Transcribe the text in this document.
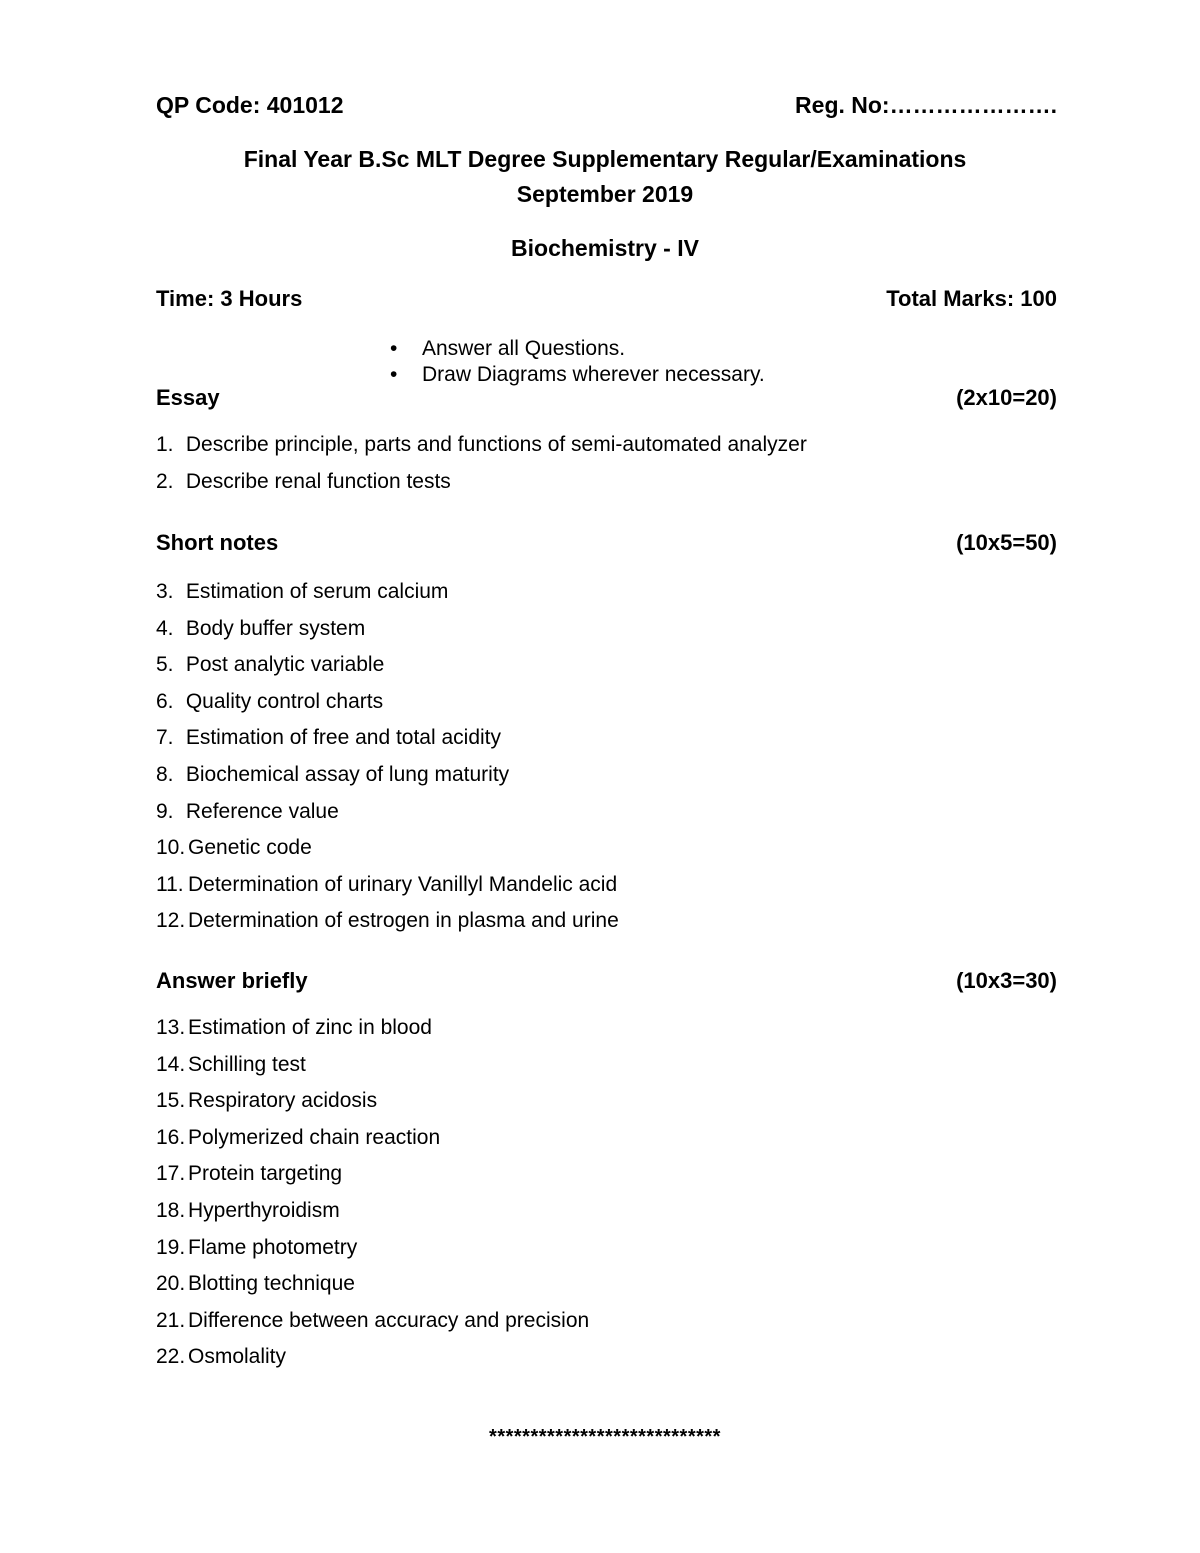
QP Code: 401012	Reg. No:………………….
Final Year B.Sc MLT Degree Supplementary Regular/Examinations
September 2019
Biochemistry - IV
Time: 3 Hours	Total Marks: 100
• Answer all Questions.
• Draw Diagrams wherever necessary.
Essay	(2x10=20)
1. Describe principle, parts and functions of semi-automated analyzer
2. Describe renal function tests
Short notes	(10x5=50)
3. Estimation of serum calcium
4. Body buffer system
5. Post analytic variable
6. Quality control charts
7. Estimation of free and total acidity
8. Biochemical assay of lung maturity
9. Reference value
10. Genetic code
11. Determination of urinary Vanillyl Mandelic acid
12. Determination of estrogen in plasma and urine
Answer briefly	(10x3=30)
13. Estimation of zinc in blood
14. Schilling test
15. Respiratory acidosis
16. Polymerized chain reaction
17. Protein targeting
18. Hyperthyroidism
19. Flame photometry
20. Blotting technique
21. Difference between accuracy and precision
22. Osmolality
****************************
